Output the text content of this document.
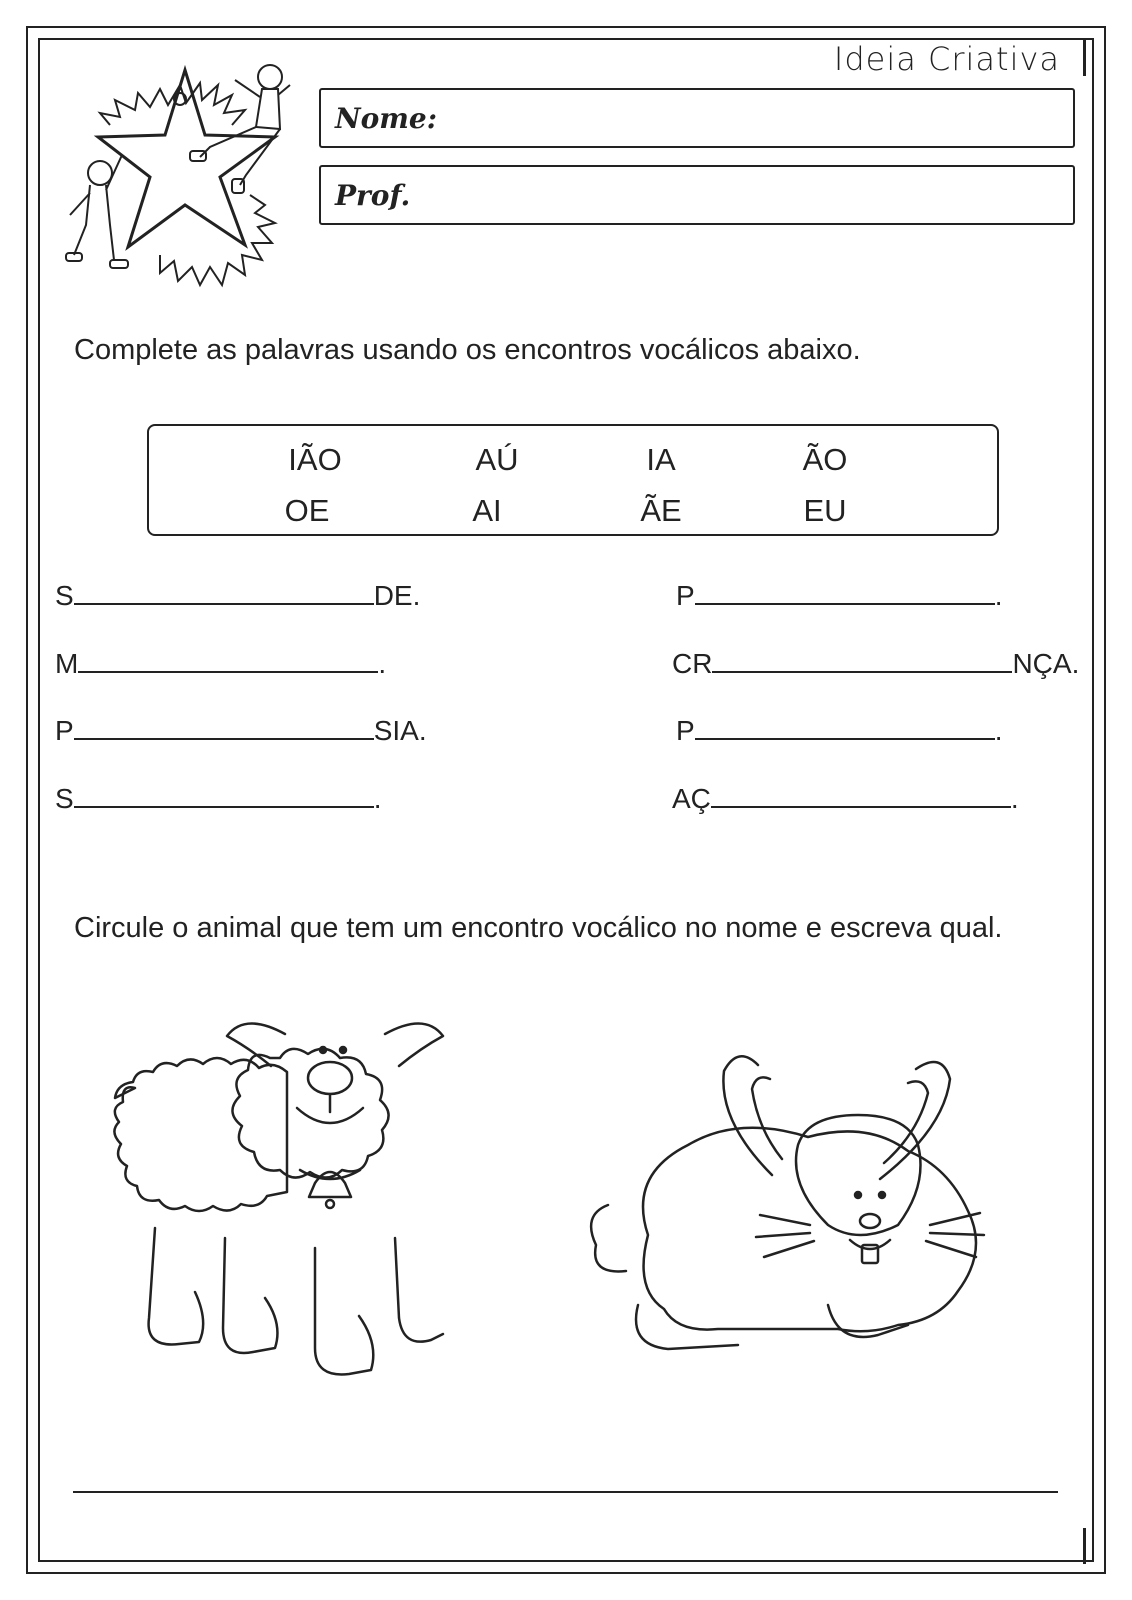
Ideia Criativa
Nome:
Prof.
Complete as palavras usando os encontros vocálicos abaixo.
IÃO	AÚ	IA	ÃO
OE	AI	ÃE	EU
S	DE.
M	.
P	SIA.
S	.
P	.
CR	NÇA.
P	.
AÇ	.
Circule o animal que tem um encontro vocálico no nome e escreva qual.
